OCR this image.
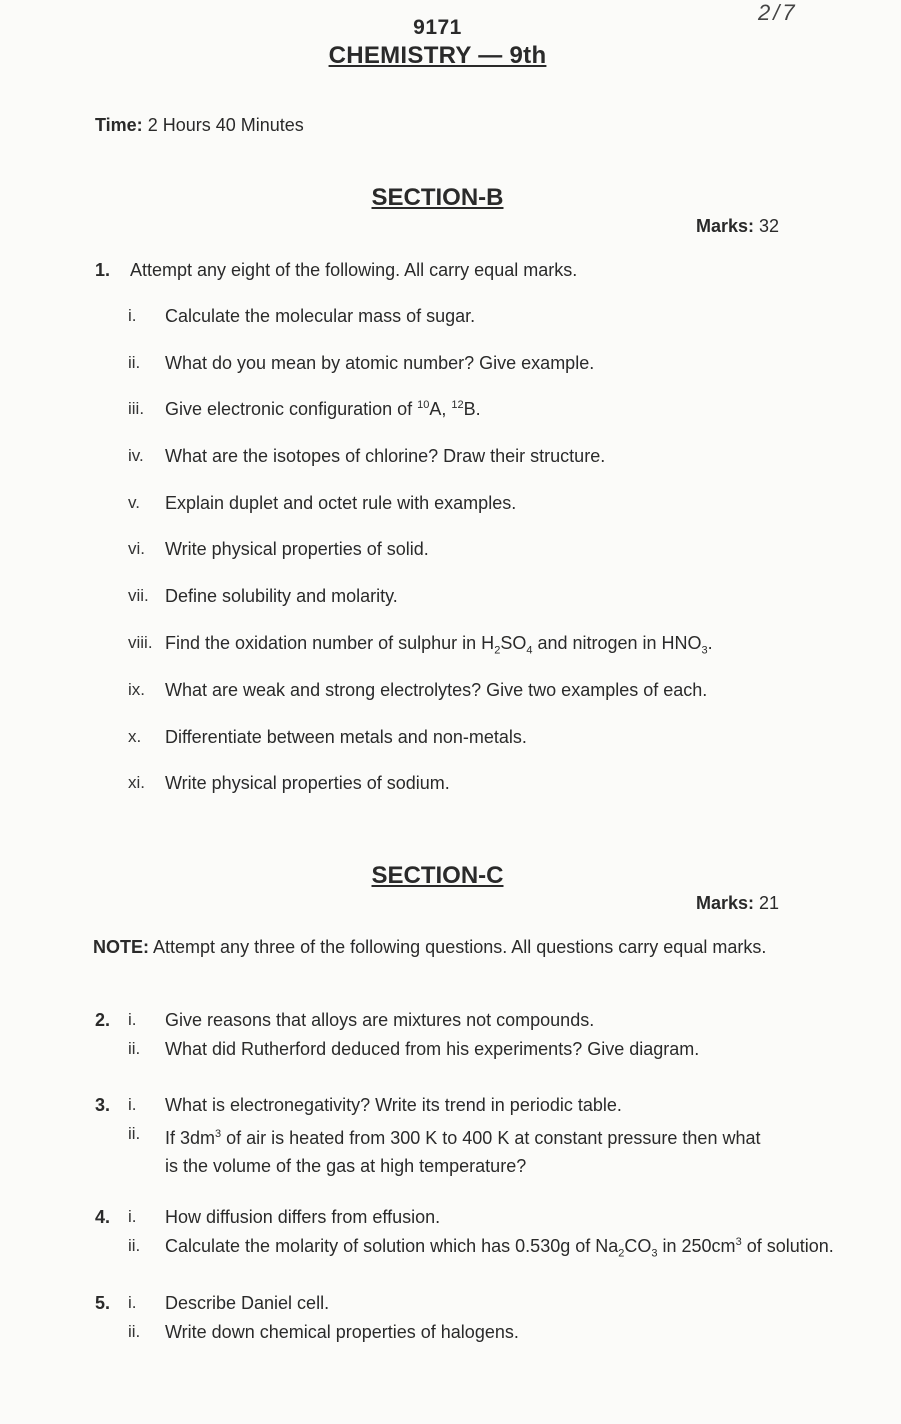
2/7
9171
CHEMISTRY — 9th
Time: 2 Hours 40 Minutes
SECTION-B
Marks: 32
1. Attempt any eight of the following. All carry equal marks.
i. Calculate the molecular mass of sugar.
ii. What do you mean by atomic number? Give example.
iii. Give electronic configuration of $^{10}$A, $^{12}$B.
iv. What are the isotopes of chlorine? Draw their structure.
v. Explain duplet and octet rule with examples.
vi. Write physical properties of solid.
vii. Define solubility and molarity.
viii. Find the oxidation number of sulphur in $H_2SO_4$ and nitrogen in $HNO_3$.
ix. What are weak and strong electrolytes? Give two examples of each.
x. Differentiate between metals and non-metals.
xi. Write physical properties of sodium.
SECTION-C
Marks: 21
NOTE: Attempt any three of the following questions. All questions carry equal marks.
2. i. Give reasons that alloys are mixtures not compounds.
ii. What did Rutherford deduced from his experiments? Give diagram.
3. i. What is electronegativity? Write its trend in periodic table.
ii. If $3dm^3$ of air is heated from 300 K to 400 K at constant pressure then what is the volume of the gas at high temperature?
4. i. How diffusion differs from effusion.
ii. Calculate the molarity of solution which has 0.530g of $Na_2CO_3$ in $250cm^3$ of solution.
5. i. Describe Daniel cell.
ii. Write down chemical properties of halogens.
